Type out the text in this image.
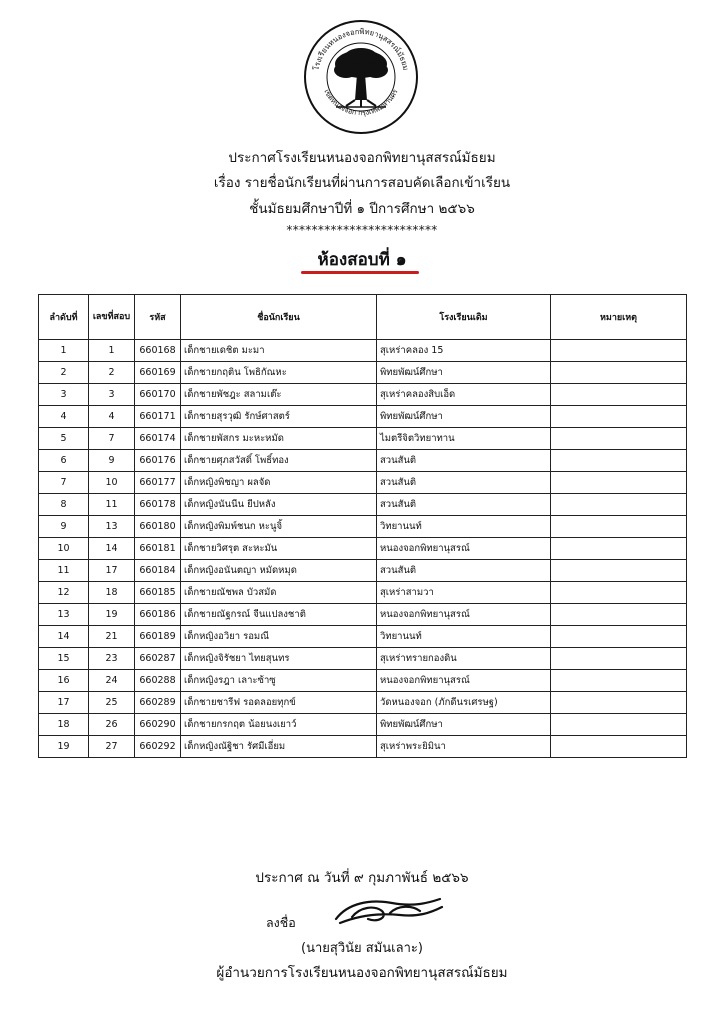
โรงเรียนหนองจอกพิทยานุสสรณ์มัธยม
เขตหนองจอก กรุงเทพมหานคร
ประกาศโรงเรียนหนองจอกพิทยานุสสรณ์มัธยม
เรื่อง รายชื่อนักเรียนที่ผ่านการสอบคัดเลือกเข้าเรียน
ชั้นมัธยมศึกษาปีที่ ๑ ปีการศึกษา ๒๕๖๖
************************
ห้องสอบที่ ๑
ลำดับที่	เลขที่สอบ	รหัส	ชื่อนักเรียน	โรงเรียนเดิม	หมายเหตุ
1	1	660168	เด็กชายเดชิต มะมา	สุเหร่าคลอง 15	
2	2	660169	เด็กชายกฤติน โพธิกัณหะ	พิทยพัฒน์ศึกษา	
3	3	660170	เด็กชายพัชฎะ สลามเต๊ะ	สุเหร่าคลองสิบเอ็ด	
4	4	660171	เด็กชายสุรวุฒิ รักษ์ศาสตร์	พิทยพัฒน์ศึกษา	
5	7	660174	เด็กชายพัสกร มะหะหมัด	ไมตรีจิตวิทยาทาน	
6	9	660176	เด็กชายศุภสวัสดิ์ โพธิ์ทอง	สวนสันติ	
7	10	660177	เด็กหญิงพิชญา ผลจัด	สวนสันติ	
8	11	660178	เด็กหญิงนันนีน ยีปหลัง	สวนสันติ	
9	13	660180	เด็กหญิงพิมพ์ชนก หะนูจิ้	วิทยานนท์	
10	14	660181	เด็กชายวิศรุต สะหะมัน	หนองจอกพิทยานุสรณ์	
11	17	660184	เด็กหญิงอนันตญา หมัดหมุด	สวนสันติ	
12	18	660185	เด็กชายณัชพล บัวสมัด	สุเหร่าสามวา	
13	19	660186	เด็กชายณัฐกรณ์ จีนแปลงชาติ	หนองจอกพิทยานุสรณ์	
14	21	660189	เด็กหญิงอวิยา รอมณี	วิทยานนท์	
15	23	660287	เด็กหญิงจิรัชยา ไทยสุนทร	สุเหร่าทรายกองดิน	
16	24	660288	เด็กหญิงรฎา เลาะซ้าซู	หนองจอกพิทยานุสรณ์	
17	25	660289	เด็กชายชารีฟ รอดลอยทุกข์	วัดหนองจอก (ภักดีนรเศรษฐ)	
18	26	660290	เด็กชายกรกฤต น้อยนงเยาว์	พิทยพัฒน์ศึกษา	
19	27	660292	เด็กหญิงณัฐิชา รัศมีเอี่ยม	สุเหร่าพระยิมินา	
ประกาศ ณ วันที่ ๙ กุมภาพันธ์ ๒๕๖๖
ลงชื่อ
(นายสุวินัย สมันเลาะ)
ผู้อำนวยการโรงเรียนหนองจอกพิทยานุสสรณ์มัธยม
